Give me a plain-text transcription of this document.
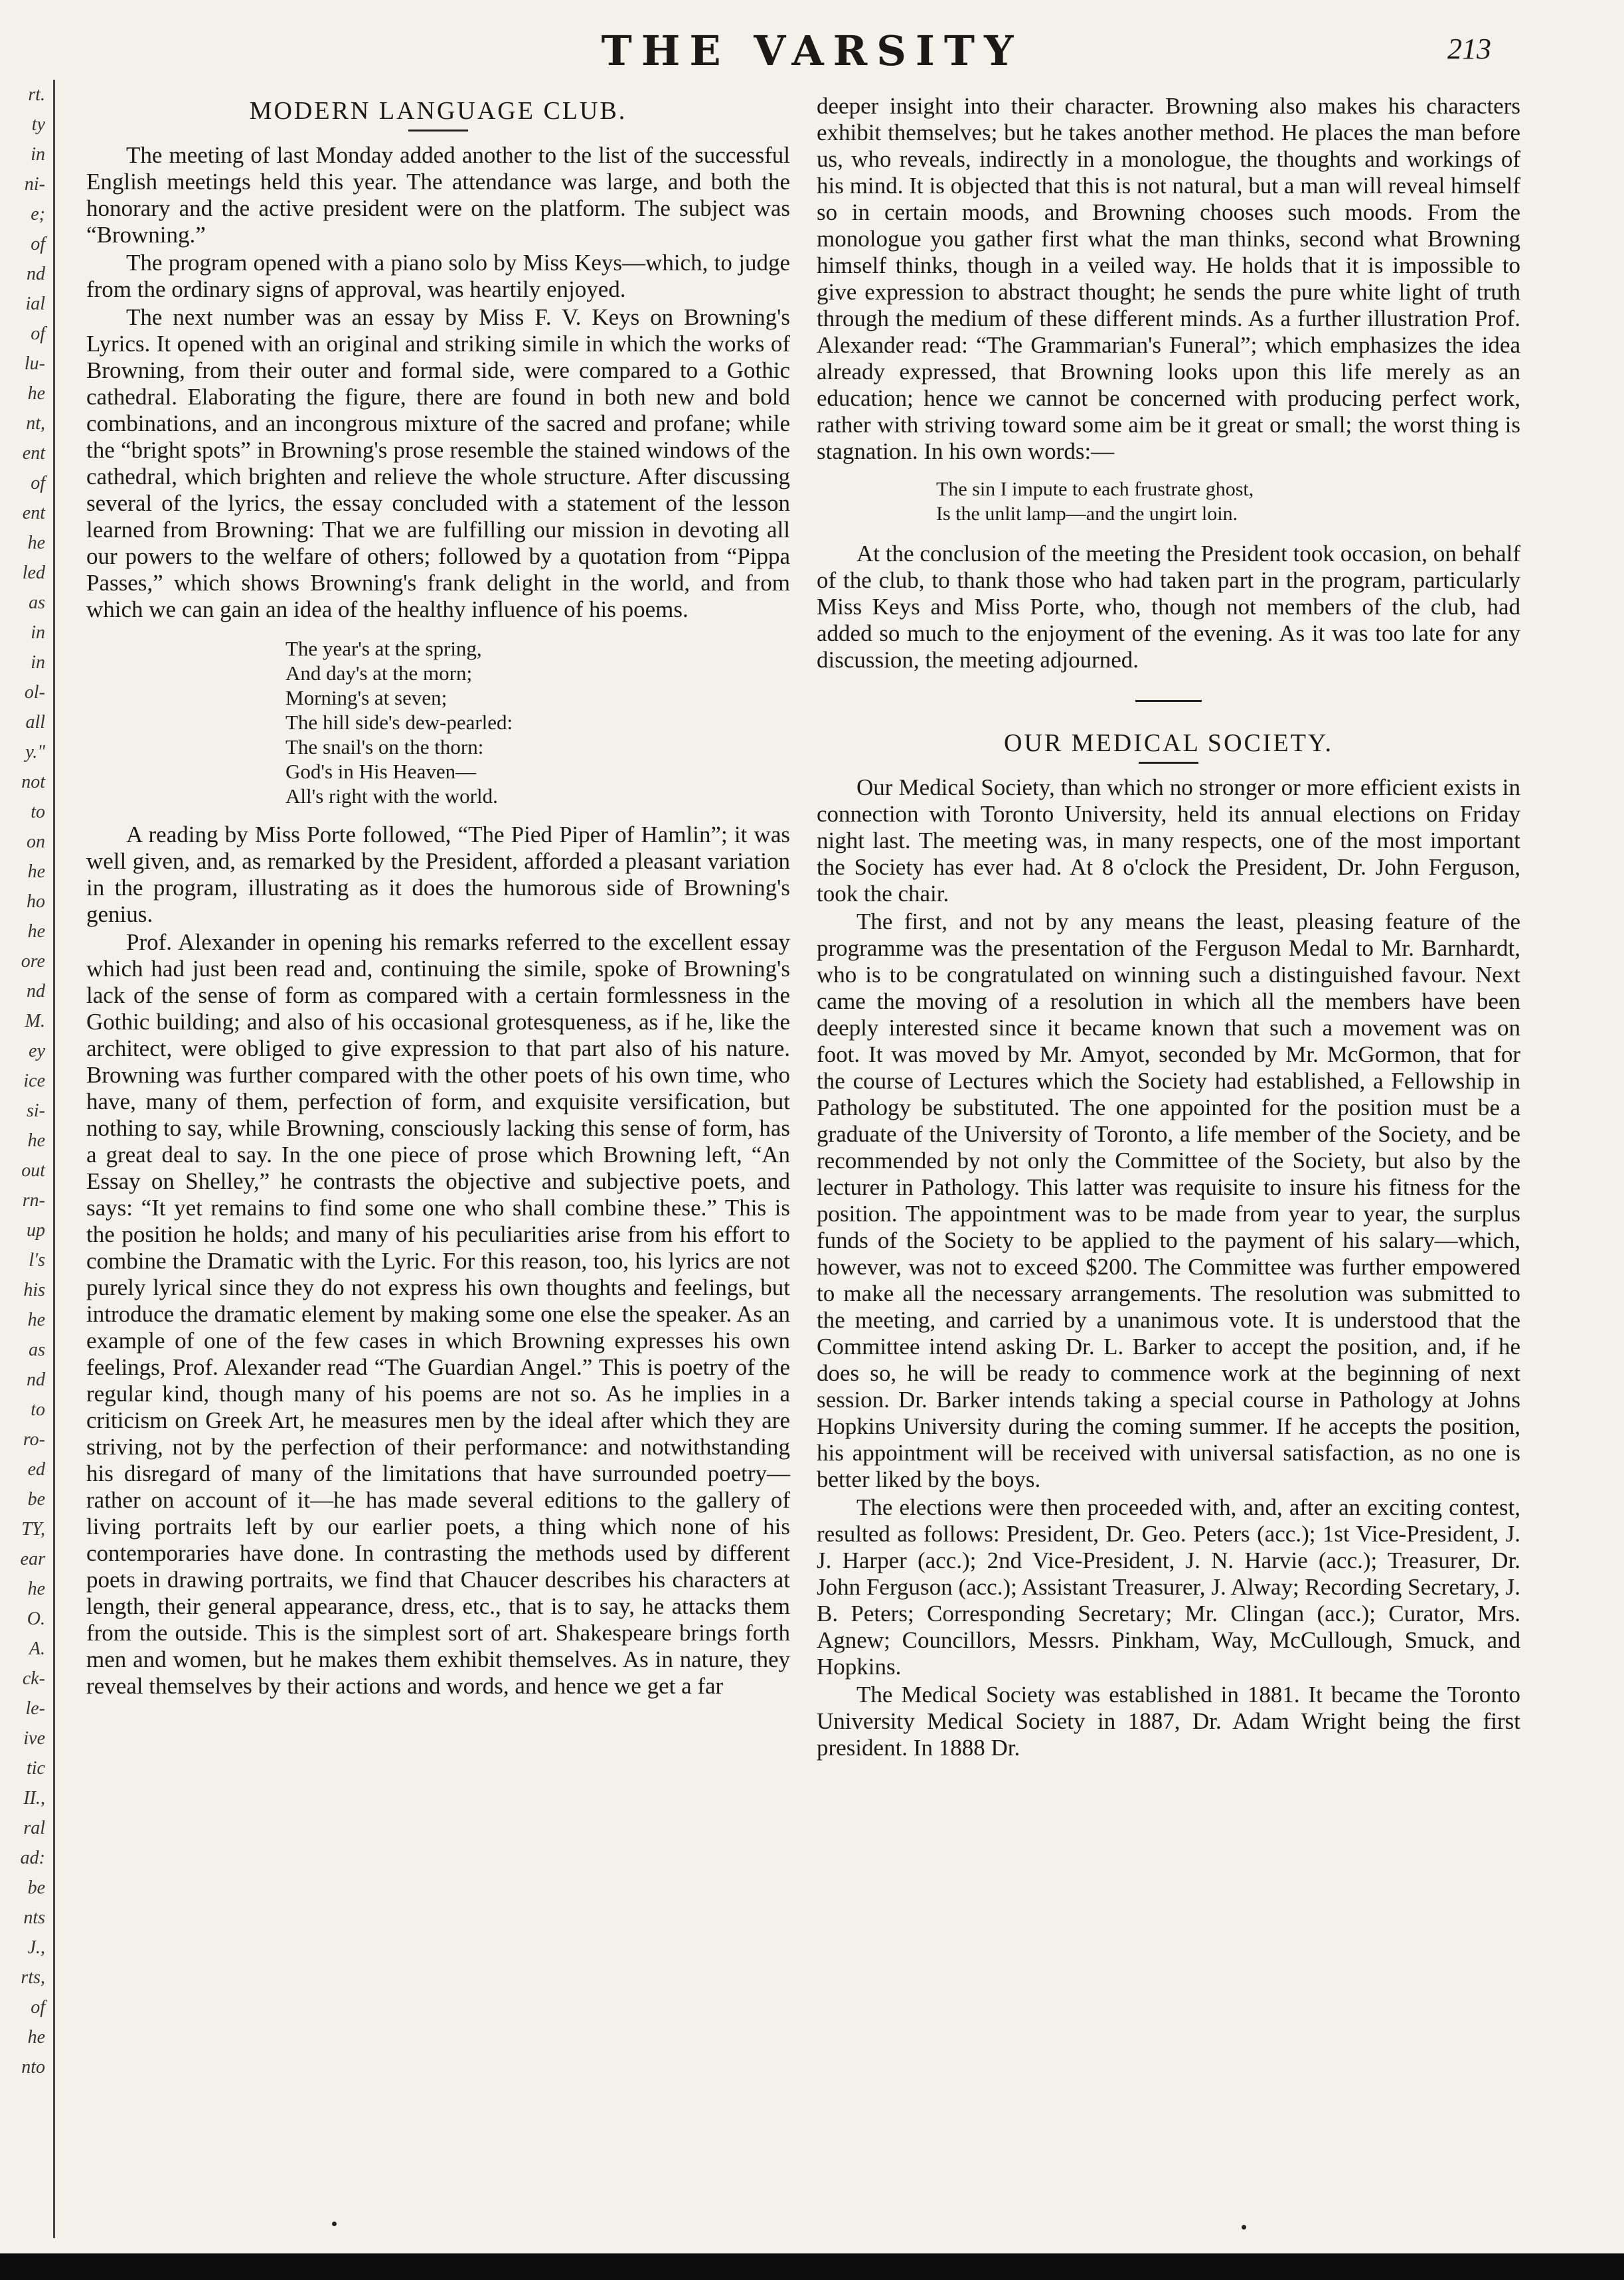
THE VARSITY	213
rt.
ty
in
ni-
e;
of
nd
ial
of
lu-
he
nt,
ent
of
ent
he
led
as
in
in
ol-
all
y."
not
to
on
he
ho
he
ore
nd
M.
ey
ice
si-
he
out
rn-
up
l's
his
he
as
nd
to
ro-
ed
be
TY,
ear
he
O.
A.
ck-
le-
ive
tic
II.,
ral
ad:
be
nts
J.,
rts,
of
he
nto
MODERN LANGUAGE CLUB.

The meeting of last Monday added another to the list of the successful English meetings held this year. The attendance was large, and both the honorary and the active president were on the platform. The subject was “Browning.”

The program opened with a piano solo by Miss Keys—which, to judge from the ordinary signs of approval, was heartily enjoyed.

The next number was an essay by Miss F. V. Keys on Browning's Lyrics. It opened with an original and striking simile in which the works of Browning, from their outer and formal side, were compared to a Gothic cathedral. Elaborating the figure, there are found in both new and bold combinations, and an incongrous mixture of the sacred and profane; while the “bright spots” in Browning's prose resemble the stained windows of the cathedral, which brighten and relieve the whole structure. After discussing several of the lyrics, the essay concluded with a statement of the lesson learned from Browning: That we are fulfilling our mission in devoting all our powers to the welfare of others; followed by a quotation from “Pippa Passes,” which shows Browning's frank delight in the world, and from which we can gain an idea of the healthy influence of his poems.

The year's at the spring,
And day's at the morn;
Morning's at seven;
The hill side's dew-pearled:
The snail's on the thorn:
God's in His Heaven—
All's right with the world.

A reading by Miss Porte followed, “The Pied Piper of Hamlin”; it was well given, and, as remarked by the President, afforded a pleasant variation in the program, illustrating as it does the humorous side of Browning's genius.

Prof. Alexander in opening his remarks referred to the excellent essay which had just been read and, continuing the simile, spoke of Browning's lack of the sense of form as compared with a certain formlessness in the Gothic building; and also of his occasional grotesqueness, as if he, like the architect, were obliged to give expression to that part also of his nature. Browning was further compared with the other poets of his own time, who have, many of them, perfection of form, and exquisite versification, but nothing to say, while Browning, consciously lacking this sense of form, has a great deal to say. In the one piece of prose which Browning left, “An Essay on Shelley,” he contrasts the objective and subjective poets, and says: “It yet remains to find some one who shall combine these.” This is the position he holds; and many of his peculiarities arise from his effort to combine the Dramatic with the Lyric. For this reason, too, his lyrics are not purely lyrical since they do not express his own thoughts and feelings, but introduce the dramatic element by making some one else the speaker. As an example of one of the few cases in which Browning expresses his own feelings, Prof. Alexander read “The Guardian Angel.” This is poetry of the regular kind, though many of his poems are not so. As he implies in a criticism on Greek Art, he measures men by the ideal after which they are striving, not by the perfection of their performance: and notwithstanding his disregard of many of the limitations that have surrounded poetry—rather on account of it—he has made several editions to the gallery of living portraits left by our earlier poets, a thing which none of his contemporaries have done. In contrasting the methods used by different poets in drawing portraits, we find that Chaucer describes his characters at length, their general appearance, dress, etc., that is to say, he attacks them from the outside. This is the simplest sort of art. Shakespeare brings forth men and women, but he makes them exhibit themselves. As in nature, they reveal themselves by their actions and words, and hence we get a far

deeper insight into their character. Browning also makes his characters exhibit themselves; but he takes another method. He places the man before us, who reveals, indirectly in a monologue, the thoughts and workings of his mind. It is objected that this is not natural, but a man will reveal himself so in certain moods, and Browning chooses such moods. From the monologue you gather first what the man thinks, second what Browning himself thinks, though in a veiled way. He holds that it is impossible to give expression to abstract thought; he sends the pure white light of truth through the medium of these different minds. As a further illustration Prof. Alexander read: “The Grammarian's Funeral”; which emphasizes the idea already expressed, that Browning looks upon this life merely as an education; hence we cannot be concerned with producing perfect work, rather with striving toward some aim be it great or small; the worst thing is stagnation. In his own words:—

The sin I impute to each frustrate ghost,
Is the unlit lamp—and the ungirt loin.

At the conclusion of the meeting the President took occasion, on behalf of the club, to thank those who had taken part in the program, particularly Miss Keys and Miss Porte, who, though not members of the club, had added so much to the enjoyment of the evening. As it was too late for any discussion, the meeting adjourned.

OUR MEDICAL SOCIETY.

Our Medical Society, than which no stronger or more efficient exists in connection with Toronto University, held its annual elections on Friday night last. The meeting was, in many respects, one of the most important the Society has ever had. At 8 o'clock the President, Dr. John Ferguson, took the chair.

The first, and not by any means the least, pleasing feature of the programme was the presentation of the Ferguson Medal to Mr. Barnhardt, who is to be congratulated on winning such a distinguished favour. Next came the moving of a resolution in which all the members have been deeply interested since it became known that such a movement was on foot. It was moved by Mr. Amyot, seconded by Mr. McGormon, that for the course of Lectures which the Society had established, a Fellowship in Pathology be substituted. The one appointed for the position must be a graduate of the University of Toronto, a life member of the Society, and be recommended by not only the Committee of the Society, but also by the lecturer in Pathology. This latter was requisite to insure his fitness for the position. The appointment was to be made from year to year, the surplus funds of the Society to be applied to the payment of his salary—which, however, was not to exceed $200. The Committee was further empowered to make all the necessary arrangements. The resolution was submitted to the meeting, and carried by a unanimous vote. It is understood that the Committee intend asking Dr. L. Barker to accept the position, and, if he does so, he will be ready to commence work at the beginning of next session. Dr. Barker intends taking a special course in Pathology at Johns Hopkins University during the coming summer. If he accepts the position, his appointment will be received with universal satisfaction, as no one is better liked by the boys.

The elections were then proceeded with, and, after an exciting contest, resulted as follows: President, Dr. Geo. Peters (acc.); 1st Vice-President, J. J. Harper (acc.); 2nd Vice-President, J. N. Harvie (acc.); Treasurer, Dr. John Ferguson (acc.); Assistant Treasurer, J. Alway; Recording Secretary, J. B. Peters; Corresponding Secretary; Mr. Clingan (acc.); Curator, Mrs. Agnew; Councillors, Messrs. Pinkham, Way, McCullough, Smuck, and Hopkins.

The Medical Society was established in 1881. It became the Toronto University Medical Society in 1887, Dr. Adam Wright being the first president. In 1888 Dr.
